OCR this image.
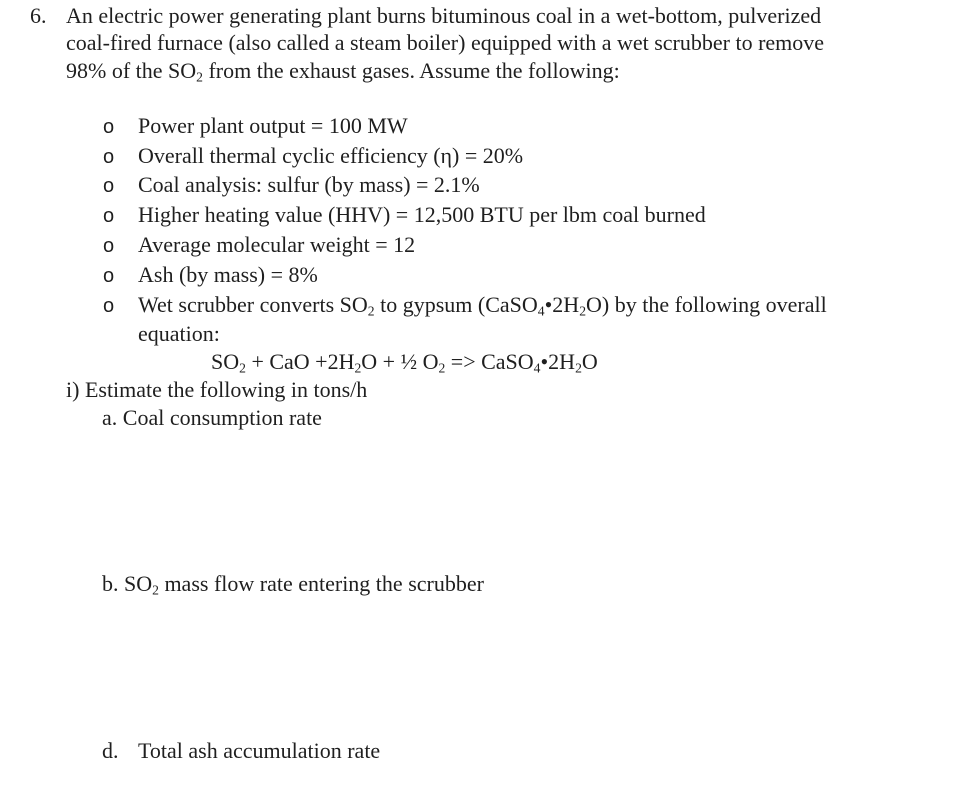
6. An electric power generating plant burns bituminous coal in a wet-bottom, pulverized
coal-fired furnace (also called a steam boiler) equipped with a wet scrubber to remove
98% of the $SO_2$ from the exhaust gases. Assume the following:
o Power plant output = 100 MW
o Overall thermal cyclic efficiency (η) = 20%
o Coal analysis: sulfur (by mass) = 2.1%
o Higher heating value (HHV) = 12,500 BTU per lbm coal burned
o Average molecular weight = 12
o Ash (by mass) = 8%
o Wet scrubber converts $SO_2$ to gypsum $(CaSO_4•2H_2O)$ by the following overall
equation:
$SO_2$ + CaO $+2H_2O$ + ½ $O_2$ => $CaSO_4•2H_2O$
i) Estimate the following in tons/h
a. Coal consumption rate
b. $SO_2$ mass flow rate entering the scrubber
d. Total ash accumulation rate
